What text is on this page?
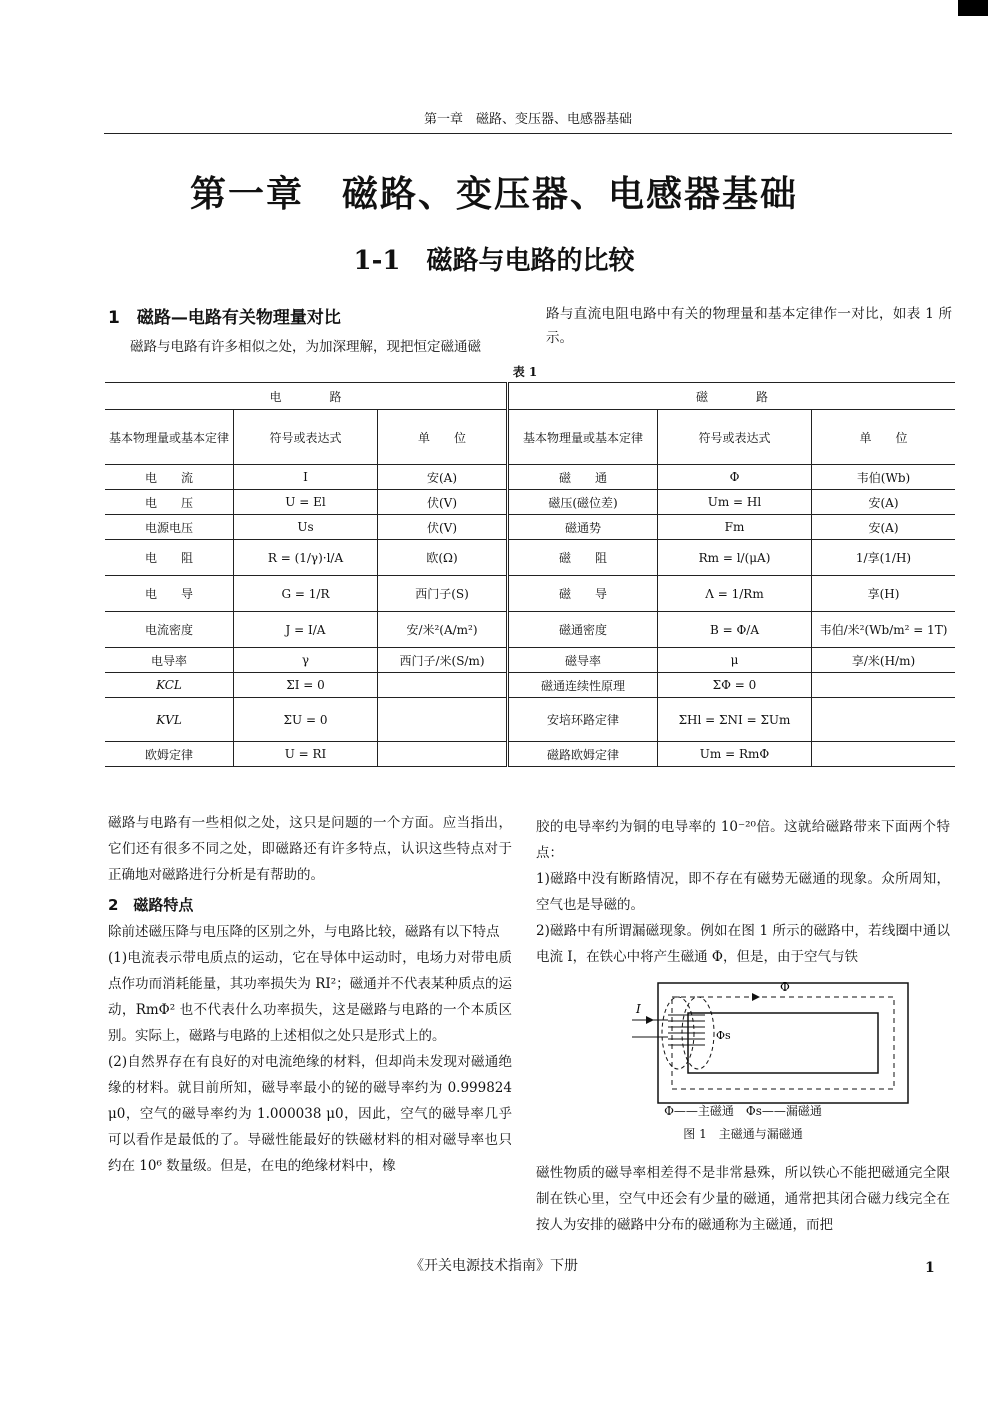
第一章　磁路、变压器、电感器基础
第一章　磁路、变压器、电感器基础
1-1　磁路与电路的比较
1　磁路—电路有关物理量对比
磁路与电路有许多相似之处，为加深理解，现把恒定磁通磁
路与直流电阻电路中有关的物理量和基本定律作一对比，如表 1 所示。
表 1
电　　　　路			磁　　　　路		
基本物理量或基本定律	符号或表达式	单　　位	基本物理量或基本定律	符号或表达式	单　　位
电　　流	I	安(A)	磁　　通	Φ	韦伯(Wb)
电　　压	U = El	伏(V)	磁压(磁位差)	Um = Hl	安(A)
电源电压	Us	伏(V)	磁通势	Fm	安(A)
电　　阻	R = (1/γ)·l/A	欧(Ω)	磁　　阻	Rm = l/(μA)	1/享(1/H)
电　　导	G = 1/R	西门子(S)	磁　　导	Λ = 1/Rm	享(H)
电流密度	J = I/A	安/米²(A/m²)	磁通密度	B = Φ/A	韦伯/米²(Wb/m² = 1T)
电导率	γ	西门子/米(S/m)	磁导率	μ	享/米(H/m)
KCL	ΣI = 0		磁通连续性原理	ΣΦ = 0	
KVL	ΣU = 0		安培环路定律	ΣHl = ΣNI = ΣUm	
欧姆定律	U = RI		磁路欧姆定律	Um = RmΦ	
磁路与电路有一些相似之处，这只是问题的一个方面。应当指出，它们还有很多不同之处，即磁路还有许多特点，认识这些特点对于正确地对磁路进行分析是有帮助的。
2　磁路特点
除前述磁压降与电压降的区别之外，与电路比较，磁路有以下特点
(1)电流表示带电质点的运动，它在导体中运动时，电场力对带电质点作功而消耗能量，其功率损失为 RI²；磁通并不代表某种质点的运动，RmΦ² 也不代表什么功率损失，这是磁路与电路的一个本质区别。实际上，磁路与电路的上述相似之处只是形式上的。
(2)自然界存在有良好的对电流绝缘的材料，但却尚未发现对磁通绝缘的材料。就目前所知，磁导率最小的铋的磁导率约为 0.999824 μ0，空气的磁导率约为 1.000038 μ0，因此，空气的磁导率几乎可以看作是最低的了。导磁性能最好的铁磁材料的相对磁导率也只约在 10⁶ 数量级。但是，在电的绝缘材料中，橡
胶的电导率约为铜的电导率的 10⁻²⁰倍。这就给磁路带来下面两个特点：
1)磁路中没有断路情况，即不存在有磁势无磁通的现象。众所周知，空气也是导磁的。
2)磁路中有所谓漏磁现象。例如在图 1 所示的磁路中，若线圈中通以电流 I，在铁心中将产生磁通 Φ，但是，由于空气与铁
Φ
I
Φs
Φ——主磁通　Φs——漏磁通
图 1　主磁通与漏磁通
磁性物质的磁导率相差得不是非常悬殊，所以铁心不能把磁通完全限制在铁心里，空气中还会有少量的磁通，通常把其闭合磁力线完全在按人为安排的磁路中分布的磁通称为主磁通，而把
《开关电源技术指南》下册	1
